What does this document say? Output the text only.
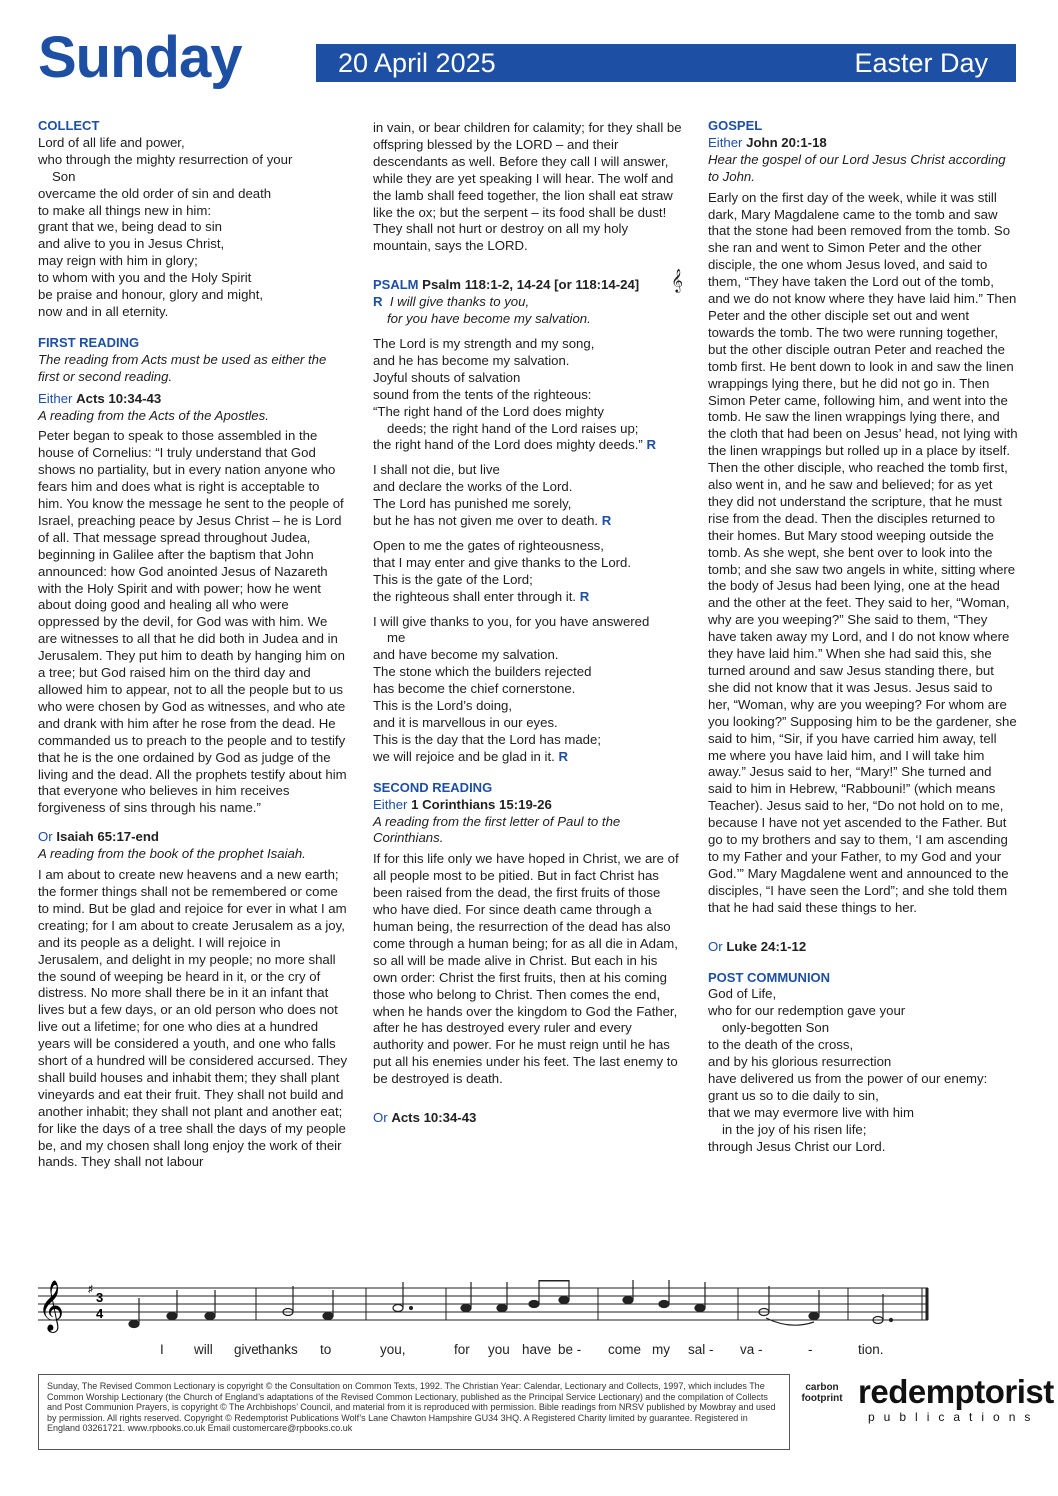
Sunday	20 April 2025	Easter Day

COLLECT

Lord of all life and power,

who through the mighty resurrection of your

Son

overcame the old order of sin and death

to make all things new in him:

grant that we, being dead to sin

and alive to you in Jesus Christ,

may reign with him in glory;

to whom with you and the Holy Spirit

be praise and honour, glory and might,

now and in all eternity.

FIRST READING

The reading from Acts must be used as either the first or second reading.

Either Acts 10:34-43

A reading from the Acts of the Apostles.

Peter began to speak to those assembled in the house of Cornelius: “I truly understand that God shows no partiality, but in every nation anyone who fears him and does what is right is acceptable to him. You know the message he sent to the people of Israel, preaching peace by Jesus Christ – he is Lord of all. That message spread throughout Judea, beginning in Galilee after the baptism that John announced: how God anointed Jesus of Nazareth with the Holy Spirit and with power; how he went about doing good and healing all who were oppressed by the devil, for God was with him. We are witnesses to all that he did both in Judea and in Jerusalem. They put him to death by hanging him on a tree; but God raised him on the third day and allowed him to appear, not to all the people but to us who were chosen by God as witnesses, and who ate and drank with him after he rose from the dead. He commanded us to preach to the people and to testify that he is the one ordained by God as judge of the living and the dead. All the prophets testify about him that everyone who believes in him receives forgiveness of sins through his name.”

Or Isaiah 65:17-end

A reading from the book of the prophet Isaiah.

I am about to create new heavens and a new earth; the former things shall not be remembered or come to mind. But be glad and rejoice for ever in what I am creating; for I am about to create Jerusalem as a joy, and its people as a delight. I will rejoice in Jerusalem, and delight in my people; no more shall the sound of weeping be heard in it, or the cry of distress. No more shall there be in it an infant that lives but a few days, or an old person who does not live out a lifetime; for one who dies at a hundred years will be considered a youth, and one who falls short of a hundred will be considered accursed. They shall build houses and inhabit them; they shall plant vineyards and eat their fruit. They shall not build and another inhabit; they shall not plant and another eat; for like the days of a tree shall the days of my people be, and my chosen shall long enjoy the work of their hands. They shall not labour

in vain, or bear children for calamity; for they shall be offspring blessed by the LORD – and their descendants as well. Before they call I will answer, while they are yet speaking I will hear. The wolf and the lamb shall feed together, the lion shall eat straw like the ox; but the serpent – its food shall be dust! They shall not hurt or destroy on all my holy mountain, says the LORD.

PSALM Psalm 118:1-2, 14-24 [or 118:14-24] 𝄞

R I will give thanks to you,

for you have become my salvation.

The Lord is my strength and my song,

and he has become my salvation.

Joyful shouts of salvation

sound from the tents of the righteous:

“The right hand of the Lord does mighty

deeds; the right hand of the Lord raises up;

the right hand of the Lord does mighty deeds.” R

I shall not die, but live

and declare the works of the Lord.

The Lord has punished me sorely,

but he has not given me over to death. R

Open to me the gates of righteousness,

that I may enter and give thanks to the Lord.

This is the gate of the Lord;

the righteous shall enter through it. R

I will give thanks to you, for you have answered

me

and have become my salvation.

The stone which the builders rejected

has become the chief cornerstone.

This is the Lord’s doing,

and it is marvellous in our eyes.

This is the day that the Lord has made;

we will rejoice and be glad in it. R

SECOND READING

Either 1 Corinthians 15:19-26

A reading from the first letter of Paul to the Corinthians.

If for this life only we have hoped in Christ, we are of all people most to be pitied. But in fact Christ has been raised from the dead, the first fruits of those who have died. For since death came through a human being, the resurrection of the dead has also come through a human being; for as all die in Adam, so all will be made alive in Christ. But each in his own order: Christ the first fruits, then at his coming those who belong to Christ. Then comes the end, when he hands over the kingdom to God the Father, after he has destroyed every ruler and every authority and power. For he must reign until he has put all his enemies under his feet. The last enemy to be destroyed is death.

Or Acts 10:34-43

GOSPEL

Either John 20:1-18

Hear the gospel of our Lord Jesus Christ according to John.

Early on the first day of the week, while it was still dark, Mary Magdalene came to the tomb and saw that the stone had been removed from the tomb. So she ran and went to Simon Peter and the other disciple, the one whom Jesus loved, and said to them, “They have taken the Lord out of the tomb, and we do not know where they have laid him.” Then Peter and the other disciple set out and went towards the tomb. The two were running together, but the other disciple outran Peter and reached the tomb first. He bent down to look in and saw the linen wrappings lying there, but he did not go in. Then Simon Peter came, following him, and went into the tomb. He saw the linen wrappings lying there, and the cloth that had been on Jesus’ head, not lying with the linen wrappings but rolled up in a place by itself. Then the other disciple, who reached the tomb first, also went in, and he saw and believed; for as yet they did not understand the scripture, that he must rise from the dead. Then the disciples returned to their homes. But Mary stood weeping outside the tomb. As she wept, she bent over to look into the tomb; and she saw two angels in white, sitting where the body of Jesus had been lying, one at the head and the other at the feet. They said to her, “Woman, why are you weeping?” She said to them, “They have taken away my Lord, and I do not know where they have laid him.” When she had said this, she turned around and saw Jesus standing there, but she did not know that it was Jesus. Jesus said to her, “Woman, why are you weeping? For whom are you looking?” Supposing him to be the gardener, she said to him, “Sir, if you have carried him away, tell me where you have laid him, and I will take him away.” Jesus said to her, “Mary!” She turned and said to him in Hebrew, “Rabbouni!” (which means Teacher). Jesus said to her, “Do not hold on to me, because I have not yet ascended to the Father. But go to my brothers and say to them, ‘I am ascending to my Father and your Father, to my God and your God.’” Mary Magdalene went and announced to the disciples, “I have seen the Lord”; and she told them that he had said these things to her.

Or Luke 24:1-12

POST COMMUNION

God of Life,

who for our redemption gave your

only-begotten Son

to the death of the cross,

and by his glorious resurrection

have delivered us from the power of our enemy:

grant us so to die daily to sin,

that we may evermore live with him

in the joy of his risen life;

through Jesus Christ our Lord.

𝄞 ♯
3
4
I will give thanks to	you,	for you have be - come my sal - va -	-	tion.
Sunday, The Revised Common Lectionary is copyright © the Consultation on Common Texts, 1992. The Christian Year: Calendar, Lectionary and Collects, 1997, which includes The Common Worship Lectionary (the Church of England’s adaptations of the Revised Common Lectionary, published as the Principal Service Lectionary) and the compilation of Collects and Post Communion Prayers, is copyright © The Archbishops’ Council, and material from it is reproduced with permission. Bible readings from NRSV published by Mowbray and used by permission. All rights reserved. Copyright © Redemptorist Publications Wolf’s Lane Chawton Hampshire GU34 3HQ. A Registered Charity limited by guarantee. Registered in England 03261721. www.rpbooks.co.uk Email customercare@rpbooks.co.uk
carbon footprint redemptorist
publications
